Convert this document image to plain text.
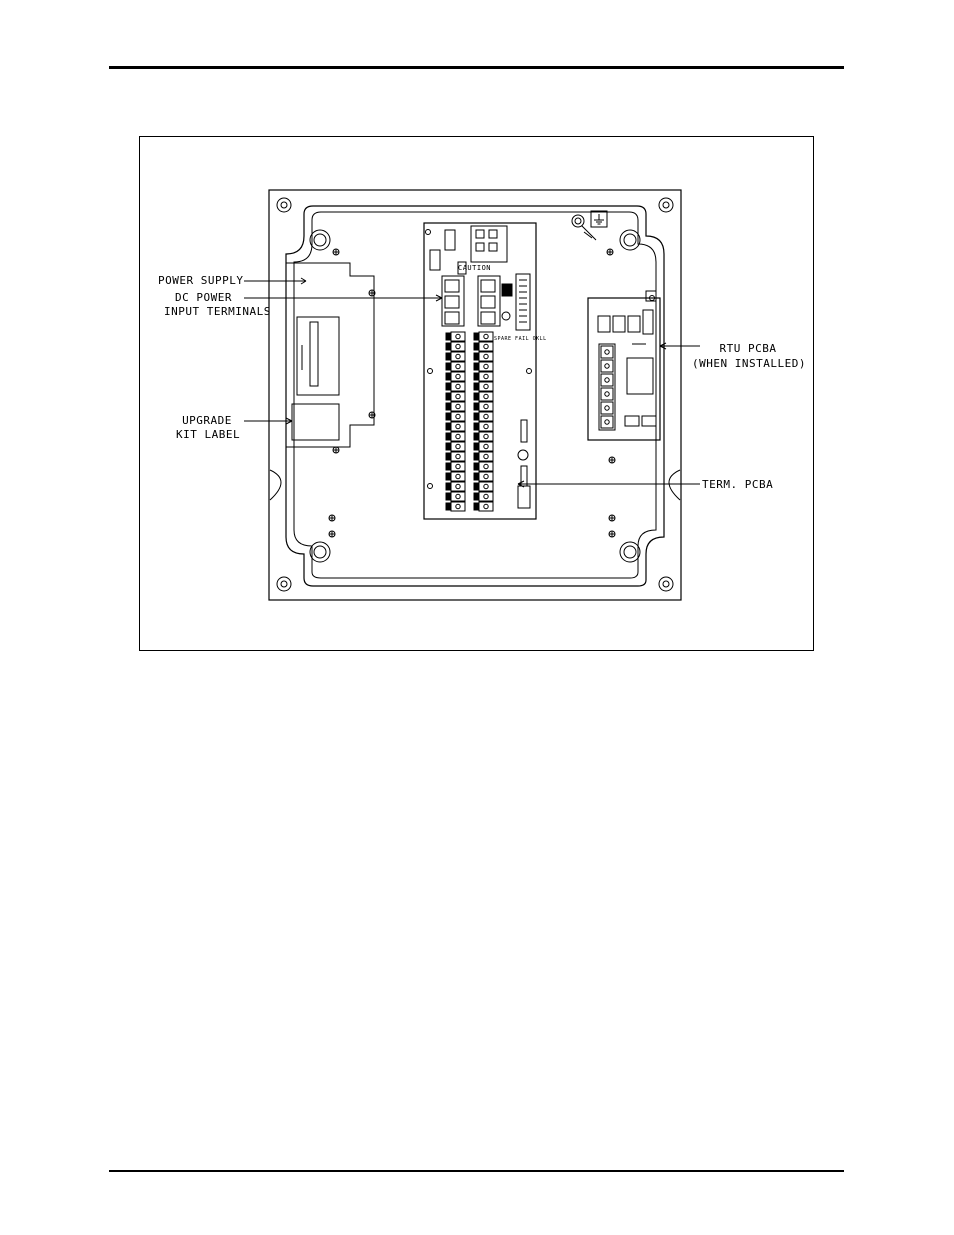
CAUTION
SPARE FAIL OKLL
POWER SUPPLY
DC POWER
INPUT TERMINALS
UPGRADE
KIT LABEL
RTU PCBA
(WHEN INSTALLED)
TERM. PCBA
